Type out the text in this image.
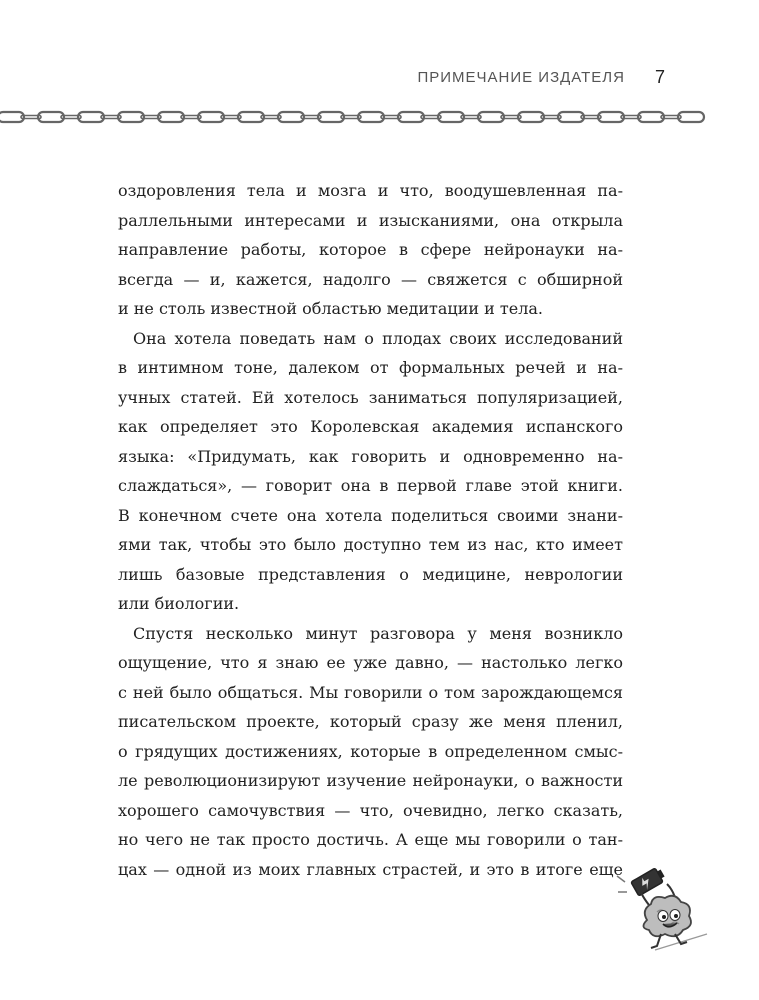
ПРИМЕЧАНИЕ ИЗДАТЕЛЯ 7

оздоровления тела и мозга и что, воодушевленная па-
раллельными интересами и изысканиями, она открыла
направление работы, которое в сфере нейронауки на-
всегда — и, кажется, надолго — свяжется с обширной
и не столь известной областью медитации и тела.

Она хотела поведать нам о плодах своих исследований
в интимном тоне, далеком от формальных речей и на-
учных статей. Ей хотелось заниматься популяризацией,
как определяет это Королевская академия испанского
языка: «Придумать, как говорить и одновременно на-
слаждаться», — говорит она в первой главе этой книги.
В конечном счете она хотела поделиться своими знани-
ями так, чтобы это было доступно тем из нас, кто имеет
лишь базовые представления о медицине, неврологии
или биологии.

Спустя несколько минут разговора у меня возникло
ощущение, что я знаю ее уже давно, — настолько легко
с ней было общаться. Мы говорили о том зарождающемся
писательском проекте, который сразу же меня пленил,
о грядущих достижениях, которые в определенном смыс-
ле революционизируют изучение нейронауки, о важности
хорошего самочувствия — что, очевидно, легко сказать,
но чего не так просто достичь. А еще мы говорили о тан-
цах — одной из моих главных страстей, и это в итоге еще
